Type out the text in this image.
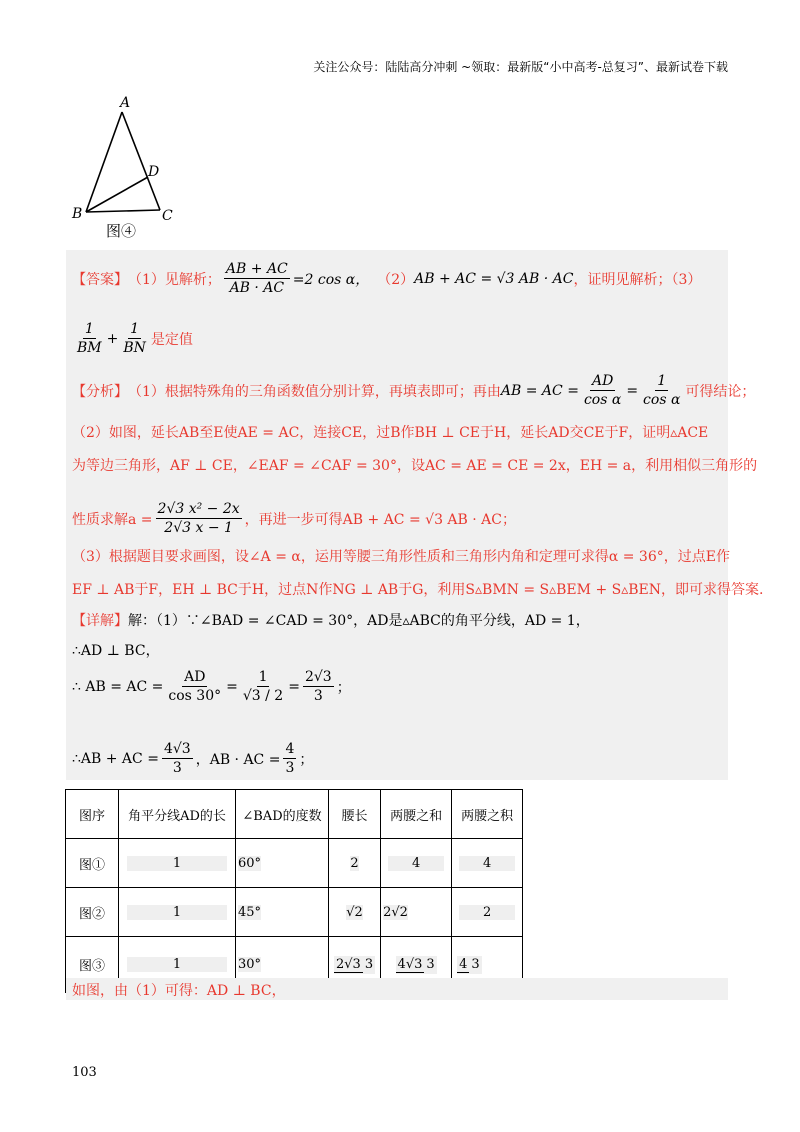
关注公众号：陆陆高分冲刺 ~领取：最新版“小中高考-总复习”、最新试卷下载
A
D
B	C
图④
【答案】 （1）见解析； $\frac{AB + AC}{AB \cdot AC} =2$ cos α， （2） AB + AC = √3 AB · AC ，证明见解析；（3）
$\frac{1}{BM} + \frac{1}{BN}$ 是定值
【分析】 （1）根据特殊角的三角函数值分别计算，再填表即可；再由 AB = AC = $\frac{AD}{\text{cos α}} = \frac{1}{\text{cos α}}$ 可得结论；
（2）如图，延长AB至E使AE = AC，连接CE，过B作BH ⊥ CE于H，延长AD交CE于F，证明▵ACE
为等边三角形，AF ⊥ CE，∠EAF = ∠CAF = 30°，设AC = AE = CE = 2x，EH = a，利用相似三角形的
性质求解$a = \frac{\text{2√3 x² − 2x}}{2√3 x - 1}$ ，再进一步可得AB + AC = √3 AB · AC；
（3）根据题目要求画图，设∠A = α，运用等腰三角形性质和三角形内角和定理可求得α = 36°，过点E作
EF ⊥ AB于F，EH ⊥ BC于H，过点N作NG ⊥ AB于G，利用S▵BMN = S▵BEM + S▵BEN，即可求得答案.
【详解】 解：（1）∵∠BAD = ∠CAD = 30°，AD是▵ABC的角平分线，AD = 1，
∴AD ⊥ BC，
∴ AB = AC = $\frac{AD}{\cos 30^\circ} = \frac{1}{√3 / 2} = \frac{2√3}{3}$ ；
∴AB + AC = $\frac{4√3}{3}$ ，AB · AC = $\frac{4}{3}$ ；
图序	角平分线AD的长	∠BAD的度数	腰长	两腰之和	两腰之积
图①	1	60°	2	4	4
图②	1	45°	√2	2√2	2
图③	1	30°	2√3 3	4√3 3	4 3
如图，由（1）可得：AD ⊥ BC，
103
